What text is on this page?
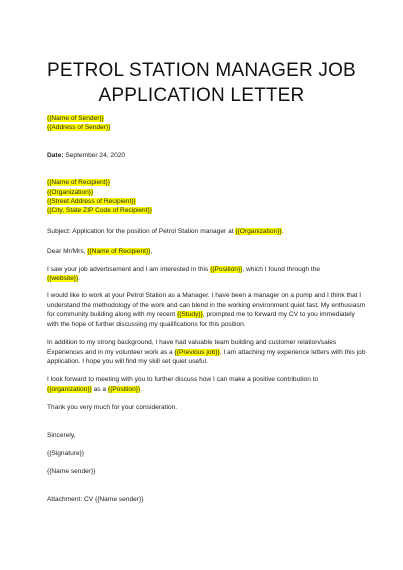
PETROL STATION MANAGER JOB
APPLICATION LETTER
{{Name of Sender}}
{{Address of Sender}}
Date: September 24, 2020
{{Name of Recipient}}
{{Organization}}
{{Street Address of Recipient}}
{{City, State ZIP Code of Recipient}}

Subject: Application for the position of Petrol Station manager at {{Organization}}.

Dear Mr/Mrs, {{Name of Recipient}},

I saw your job advertisement and I am interested in this {{Position}}, which I found through the
{{website}}.

I would like to work at your Petrol Station as a Manager. I have been a manager on a pump and I think that I understand the methodology of the work and can blend in the working environment quiet fast. My enthusiasm for community building along with my recent {{Study}}, prompted me to forward my CV to you immediately with the hope of further discussing my qualifications for this position.

In addition to my strong background, I have had valuable team building and customer relation/sales Experiences and in my volunteer work as a {{Previous job}}. I am attaching my experience letters with this job application. I hope you will find my skill set quiet useful.

I look forward to meeting with you to further discuss how I can make a positive contribution to
{{organization}} as a {{Position}}.

Thank you very much for your consideration.

Sincerely,

{{Signature}}

{{Name sender}}

Attachment: CV {{Name sender}}
